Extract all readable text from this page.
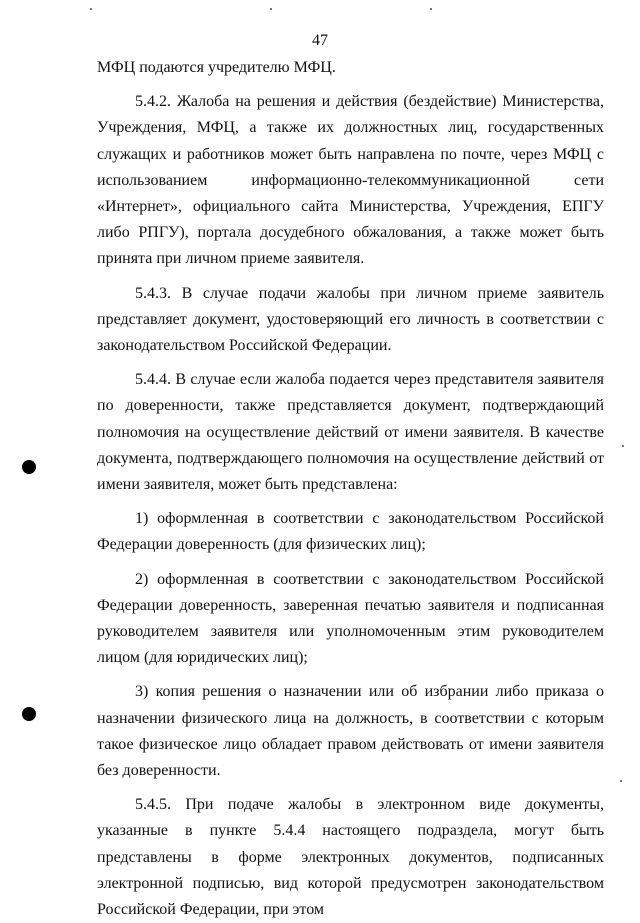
47

МФЦ подаются учредителю МФЦ.

5.4.2. Жалоба на решения и действия (бездействие) Министерства, Учреждения, МФЦ, а также их должностных лиц, государственных служащих и работников может быть направлена по почте, через МФЦ с использованием информационно-телекоммуникационной сети «Интернет», официального сайта Министерства, Учреждения, ЕПГУ либо РПГУ), портала досудебного обжалования, а также может быть принята при личном приеме заявителя.

5.4.3. В случае подачи жалобы при личном приеме заявитель представляет документ, удостоверяющий его личность в соответствии с законодательством Российской Федерации.

5.4.4. В случае если жалоба подается через представителя заявителя по доверенности, также представляется документ, подтверждающий полномочия на осуществление действий от имени заявителя. В качестве документа, подтверждающего полномочия на осуществление действий от имени заявителя, может быть представлена:

1) оформленная в соответствии с законодательством Российской Федерации доверенность (для физических лиц);

2) оформленная в соответствии с законодательством Российской Федерации доверенность, заверенная печатью заявителя и подписанная руководителем заявителя или уполномоченным этим руководителем лицом (для юридических лиц);

3) копия решения о назначении или об избрании либо приказа о назначении физического лица на должность, в соответствии с которым такое физическое лицо обладает правом действовать от имени заявителя без доверенности.

5.4.5. При подаче жалобы в электронном виде документы, указанные в пункте 5.4.4 настоящего подраздела, могут быть представлены в форме электронных документов, подписанных электронной подписью, вид которой предусмотрен законодательством Российской Федерации, при этом
